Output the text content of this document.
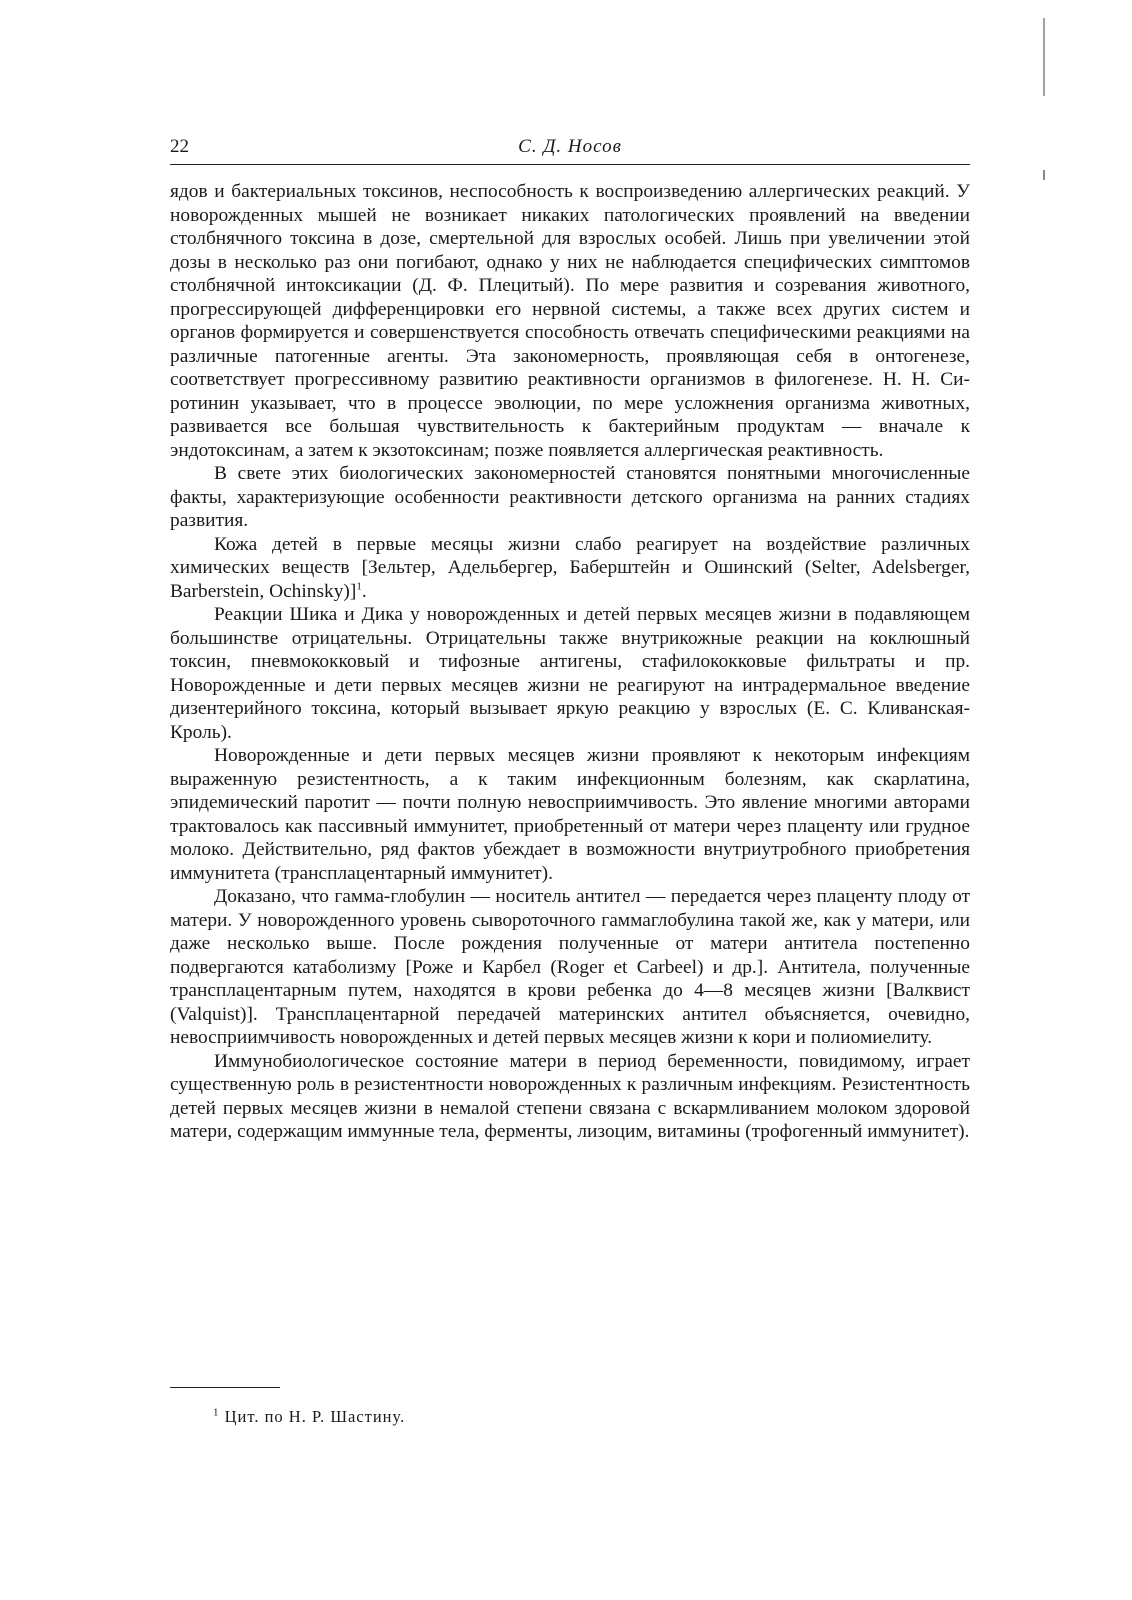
22	С. Д. Носов

ядов и бактериальных токсинов, неспособность к воспроизведению аллергических реакций. У новорожденных мышей не возникает никаких патологических проявлений на введении столбнячного токсина в дозе, смертельной для взрослых особей. Лишь при увеличении этой дозы в несколько раз они погибают, однако у них не наблюдается специфических симптомов столбнячной интоксикации (Д. Ф. Плецитый). По мере развития и созревания животного, прогрессирующей дифференцировки его нервной системы, а также всех других систем и органов формируется и совершенствуется способность отвечать специфическими реакциями на различные патогенные агенты. Эта закономерность, проявляющая себя в онтогенезе, соответствует прогрессивному развитию реактивности организмов в филогенезе. Н. Н. Сиротинин указывает, что в процессе эволюции, по мере усложнения организма животных, развивается все большая чувствительность к бактерийным продуктам — вначале к эндотоксинам, а затем к экзотоксинам; позже появляется аллергическая реактивность.

В свете этих биологических закономерностей становятся понятными многочисленные факты, характеризующие особенности реактивности детского организма на ранних стадиях развития.

Кожа детей в первые месяцы жизни слабо реагирует на воздействие различных химических веществ [Зельтер, Адельбергер, Баберштейн и Ошинский (Selter, Adelsberger, Barberstein, Ochinsky)]$^1$.

Реакции Шика и Дика у новорожденных и детей первых месяцев жизни в подавляющем большинстве отрицательны. Отрицательны также внутрикожные реакции на коклюшный токсин, пневмококковый и тифозные антигены, стафилококковые фильтраты и пр. Новорожденные и дети первых месяцев жизни не реагируют на интрадермальное введение дизентерийного токсина, который вызывает яркую реакцию у взрослых (Е. С. Кливанская-Кроль).

Новорожденные и дети первых месяцев жизни проявляют к некоторым инфекциям выраженную резистентность, а к таким инфекционным болезням, как скарлатина, эпидемический паротит — почти полную невосприимчивость. Это явление многими авторами трактовалось как пассивный иммунитет, приобретенный от матери через плаценту или грудное молоко. Действительно, ряд фактов убеждает в возможности внутриутробного приобретения иммунитета (трансплацентарный иммунитет).

Доказано, что гамма-глобулин — носитель антител — передается через плаценту плоду от матери. У новорожденного уровень сывороточного гаммаглобулина такой же, как у матери, или даже несколько выше. После рождения полученные от матери антитела постепенно подвергаются катаболизму [Роже и Карбел (Roger et Carbeel) и др.]. Антитела, полученные трансплацентарным путем, находятся в крови ребенка до 4—8 месяцев жизни [Валквист (Valquist)]. Трансплацентарной передачей материнских антител объясняется, очевидно, невосприимчивость новорожденных и детей первых месяцев жизни к кори и полиомиелиту.

Иммунобиологическое состояние матери в период беременности, повидимому, играет существенную роль в резистентности новорожденных к различным инфекциям. Резистентность детей первых месяцев жизни в немалой степени связана с вскармливанием молоком здоровой матери, содержащим иммунные тела, ферменты, лизоцим, витамины (трофогенный иммунитет).

$^1$ Цит. по Н. Р. Шастину.
